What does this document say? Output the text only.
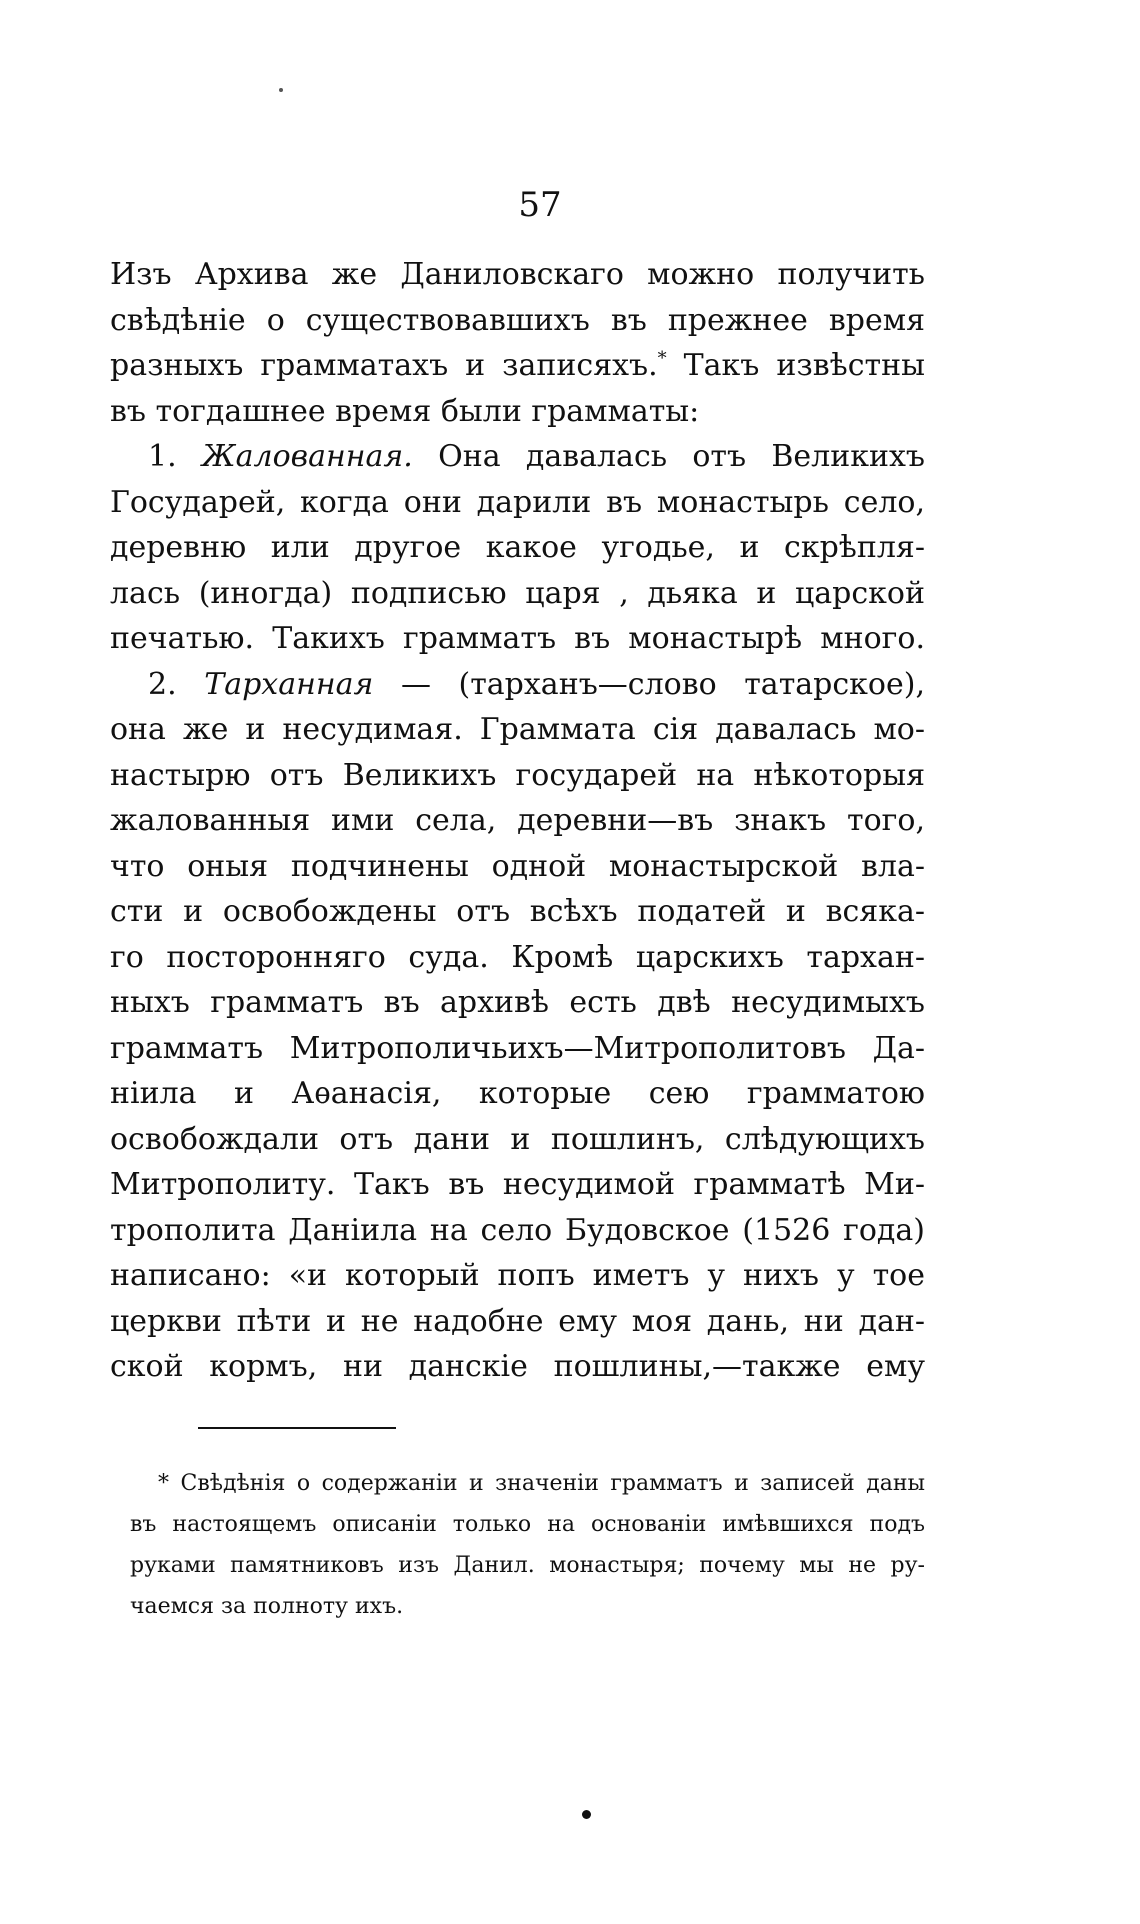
57
Изъ Архива же Даниловскаго можно получить
свѣдѣніе о существовавшихъ въ прежнее время
разныхъ грамматахъ и записяхъ.* Такъ извѣстны
въ тогдашнее время были грамматы:
1. Жалованная. Она давалась отъ Великихъ
Государей, когда они дарили въ монастырь село,
деревню или другое какое угодье, и скрѣпля-
лась (иногда) подписью царя , дьяка и царской
печатью. Такихъ грамматъ въ монастырѣ много.
2. Тарханная — (тарханъ—слово татарское),
она же и несудимая. Граммата сія давалась мо-
настырю отъ Великихъ государей на нѣкоторыя
жалованныя ими села, деревни—въ знакъ того,
что оныя подчинены одной монастырской вла-
сти и освобождены отъ всѣхъ податей и всяка-
го посторонняго суда. Кромѣ царскихъ тархан-
ныхъ грамматъ въ архивѣ есть двѣ несудимыхъ
грамматъ Митрополичьихъ—Митрополитовъ Да-
ніила и Аѳанасія, которые сею грамматою
освобождали отъ дани и пошлинъ, слѣдующихъ
Митрополиту. Такъ въ несудимой грамматѣ Ми-
трополита Даніила на село Будовское (1526 года)
написано: «и который попъ иметъ у нихъ у тое
церкви пѣти и не надобне ему моя дань, ни дан-
ской кормъ, ни данскіе пошлины,—также ему
* Свѣдѣнія о содержаніи и значеніи грамматъ и записей даны
въ настоящемъ описаніи только на основаніи имѣвшихся подъ
руками памятниковъ изъ Данил. монастыря; почему мы не ру-
чаемся за полноту ихъ.
